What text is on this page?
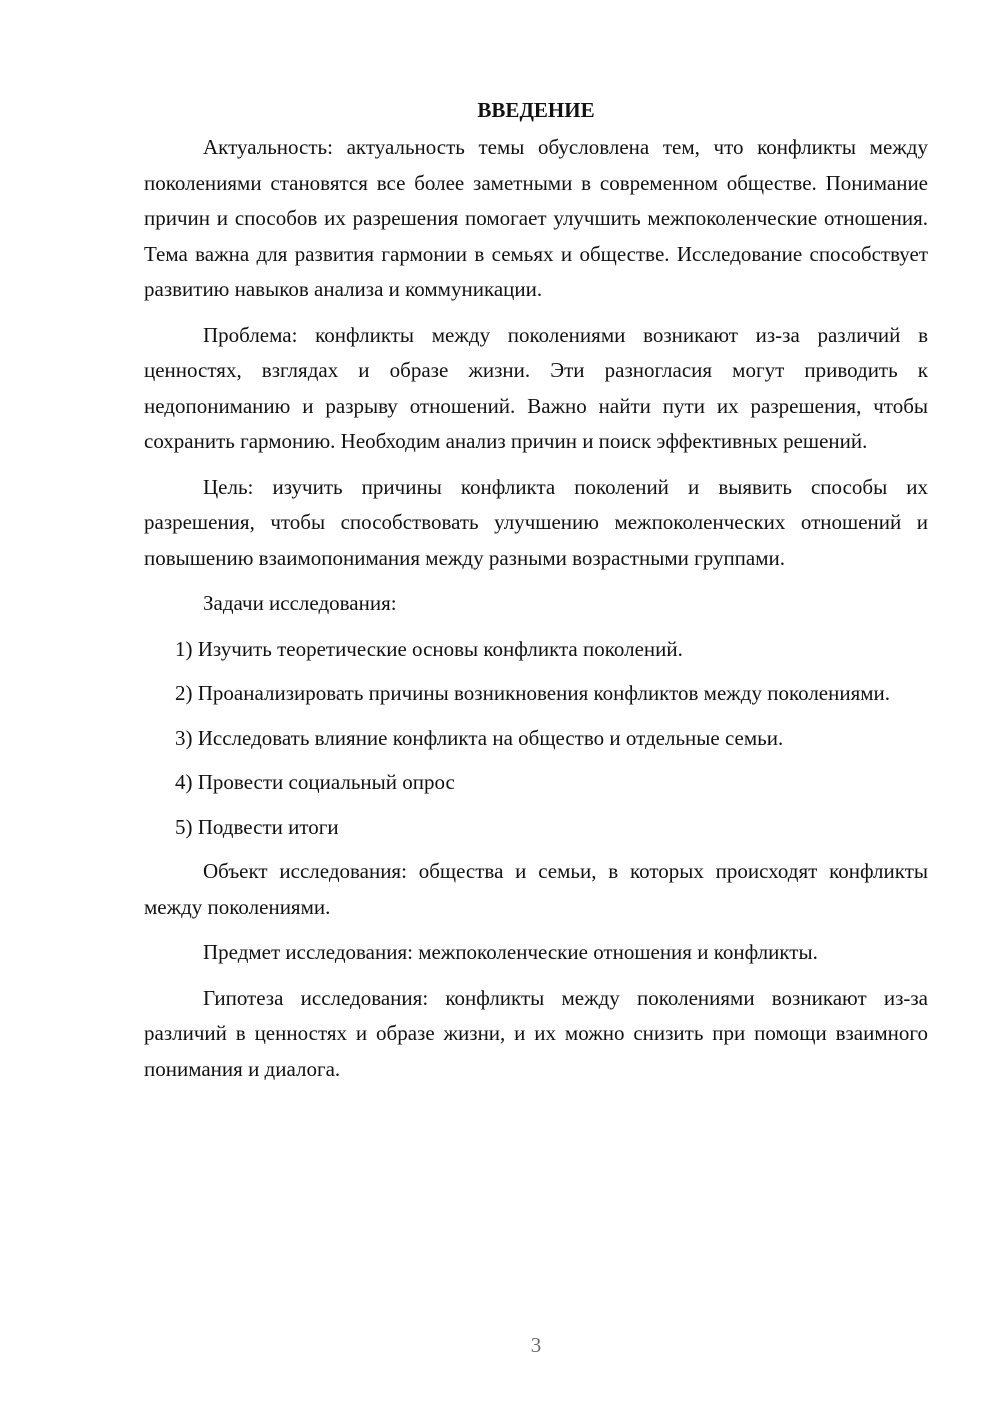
ВВЕДЕНИЕ

Актуальность: актуальность темы обусловлена тем, что конфликты между поколениями становятся все более заметными в современном обществе. Понимание причин и способов их разрешения помогает улучшить межпоколенческие отношения. Тема важна для развития гармонии в семьях и обществе. Исследование способствует развитию навыков анализа и коммуникации.

Проблема: конфликты между поколениями возникают из-за различий в ценностях, взглядах и образе жизни. Эти разногласия могут приводить к недопониманию и разрыву отношений. Важно найти пути их разрешения, чтобы сохранить гармонию. Необходим анализ причин и поиск эффективных решений.

Цель: изучить причины конфликта поколений и выявить способы их разрешения, чтобы способствовать улучшению межпоколенческих отношений и повышению взаимопонимания между разными возрастными группами.

Задачи исследования:

1) Изучить теоретические основы конфликта поколений.

2) Проанализировать причины возникновения конфликтов между поколениями.

3) Исследовать влияние конфликта на общество и отдельные семьи.

4) Провести социальный опрос

5) Подвести итоги

Объект исследования: общества и семьи, в которых происходят конфликты между поколениями.

Предмет исследования: межпоколенческие отношения и конфликты.

Гипотеза исследования: конфликты между поколениями возникают из-за различий в ценностях и образе жизни, и их можно снизить при помощи взаимного понимания и диалога.

3
